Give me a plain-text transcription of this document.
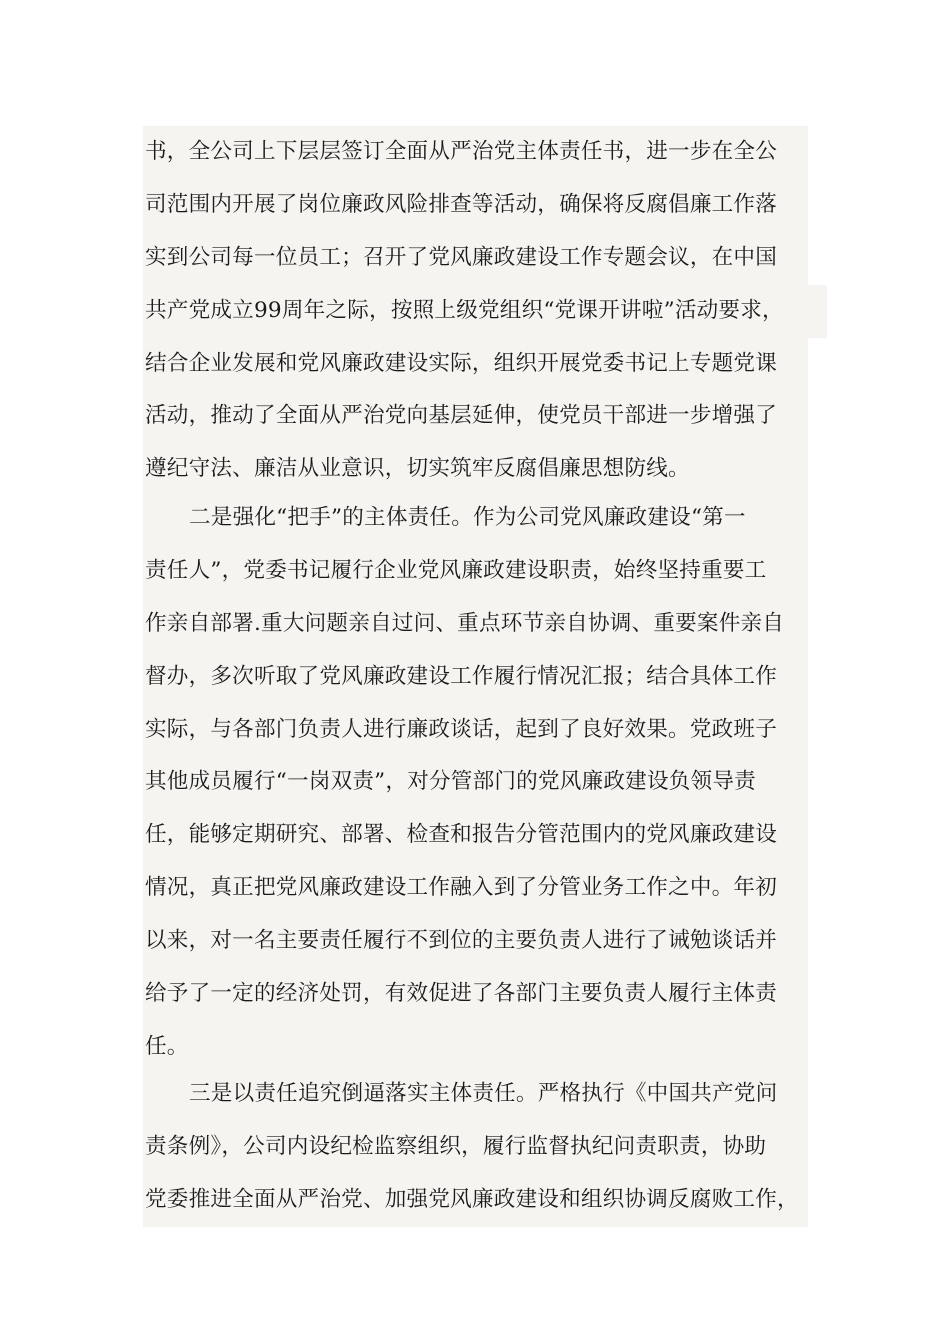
书，全公司上下层层签订全面从严治党主体责任书，进一步在全公
司范围内开展了岗位廉政风险排查等活动，确保将反腐倡廉工作落
实到公司每一位员工；召开了党风廉政建设工作专题会议，在中国
共产党成立99周年之际，按照上级党组织“党课开讲啦”活动要求，
结合企业发展和党风廉政建设实际，组织开展党委书记上专题党课
活动，推动了全面从严治党向基层延伸，使党员干部进一步增强了
遵纪守法、廉洁从业意识，切实筑牢反腐倡廉思想防线。
二是强化“把手”的主体责任。作为公司党风廉政建设“第一
责任人”，党委书记履行企业党风廉政建设职责，始终坚持重要工
作亲自部署.重大问题亲自过问、重点环节亲自协调、重要案件亲自
督办，多次听取了党风廉政建设工作履行情况汇报；结合具体工作
实际，与各部门负责人进行廉政谈话，起到了良好效果。党政班子
其他成员履行“一岗双责”，对分管部门的党风廉政建设负领导责
任，能够定期研究、部署、检查和报告分管范围内的党风廉政建设
情况，真正把党风廉政建设工作融入到了分管业务工作之中。年初
以来，对一名主要责任履行不到位的主要负责人进行了诫勉谈话并
给予了一定的经济处罚，有效促进了各部门主要负责人履行主体责
任。
三是以责任追究倒逼落实主体责任。严格执行《中国共产党问
责条例》，公司内设纪检监察组织，履行监督执纪问责职责，协助
党委推进全面从严治党、加强党风廉政建设和组织协调反腐败工作，
